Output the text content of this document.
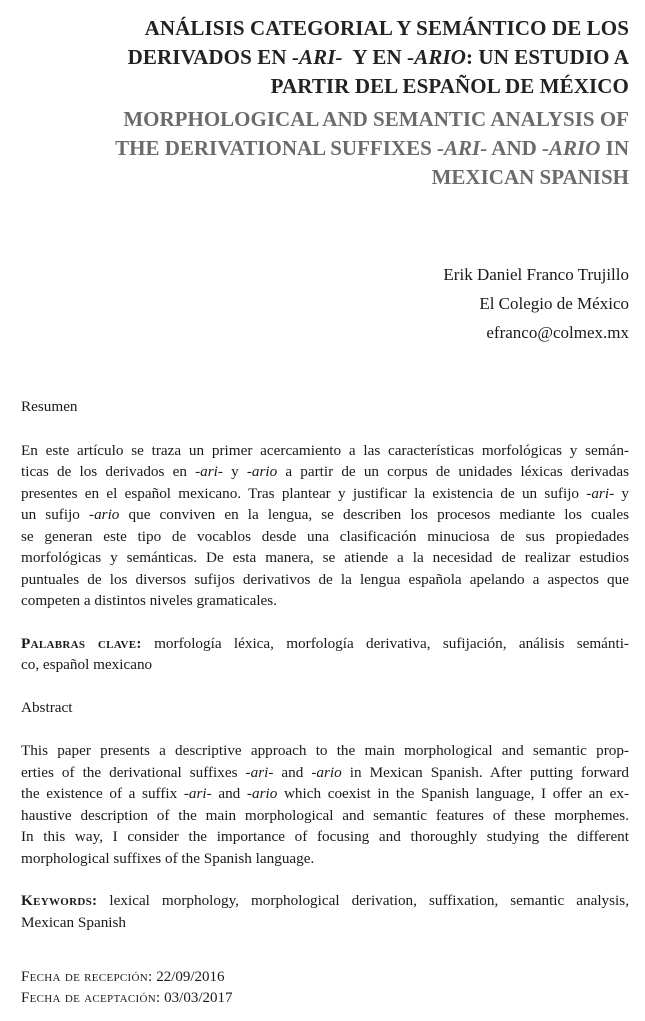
ANÁLISIS CATEGORIAL Y SEMÁNTICO DE LOS
DERIVADOS EN -ARI-  Y EN -ARIO: UN ESTUDIO A
PARTIR DEL ESPAÑOL DE MÉXICO
MORPHOLOGICAL AND SEMANTIC ANALYSIS OF
THE DERIVATIONAL SUFFIXES -ARI- AND -ARIO IN
MEXICAN SPANISH
Erik Daniel Franco Trujillo
El Colegio de México
efranco@colmex.mx

Resumen

En este artículo se traza un primer acercamiento a las características morfológicas y semán-
ticas de los derivados en -ari- y -ario a partir de un corpus de unidades léxicas derivadas
presentes en el español mexicano. Tras plantear y justificar la existencia de un sufijo -ari- y
un sufijo -ario que conviven en la lengua, se describen los procesos mediante los cuales
se generan este tipo de vocablos desde una clasificación minuciosa de sus propiedades
morfológicas y semánticas. De esta manera, se atiende a la necesidad de realizar estudios
puntuales de los diversos sufijos derivativos de la lengua española apelando a aspectos que
competen a distintos niveles gramaticales.

Palabras clave: morfología léxica, morfología derivativa, sufijación, análisis semánti-
co, español mexicano

Abstract

This paper presents a descriptive approach to the main morphological and semantic prop-
erties of the derivational suffixes -ari- and -ario in Mexican Spanish. After putting forward
the existence of a suffix -ari- and -ario which coexist in the Spanish language, I offer an ex-
haustive description of the main morphological and semantic features of these morphemes.
In this way, I consider the importance of focusing and thoroughly studying the different
morphological suffixes of the Spanish language.

Keywords: lexical morphology, morphological derivation, suffixation, semantic analysis,
Mexican Spanish

Fecha de recepción: 22/09/2016
Fecha de aceptación: 03/03/2017
